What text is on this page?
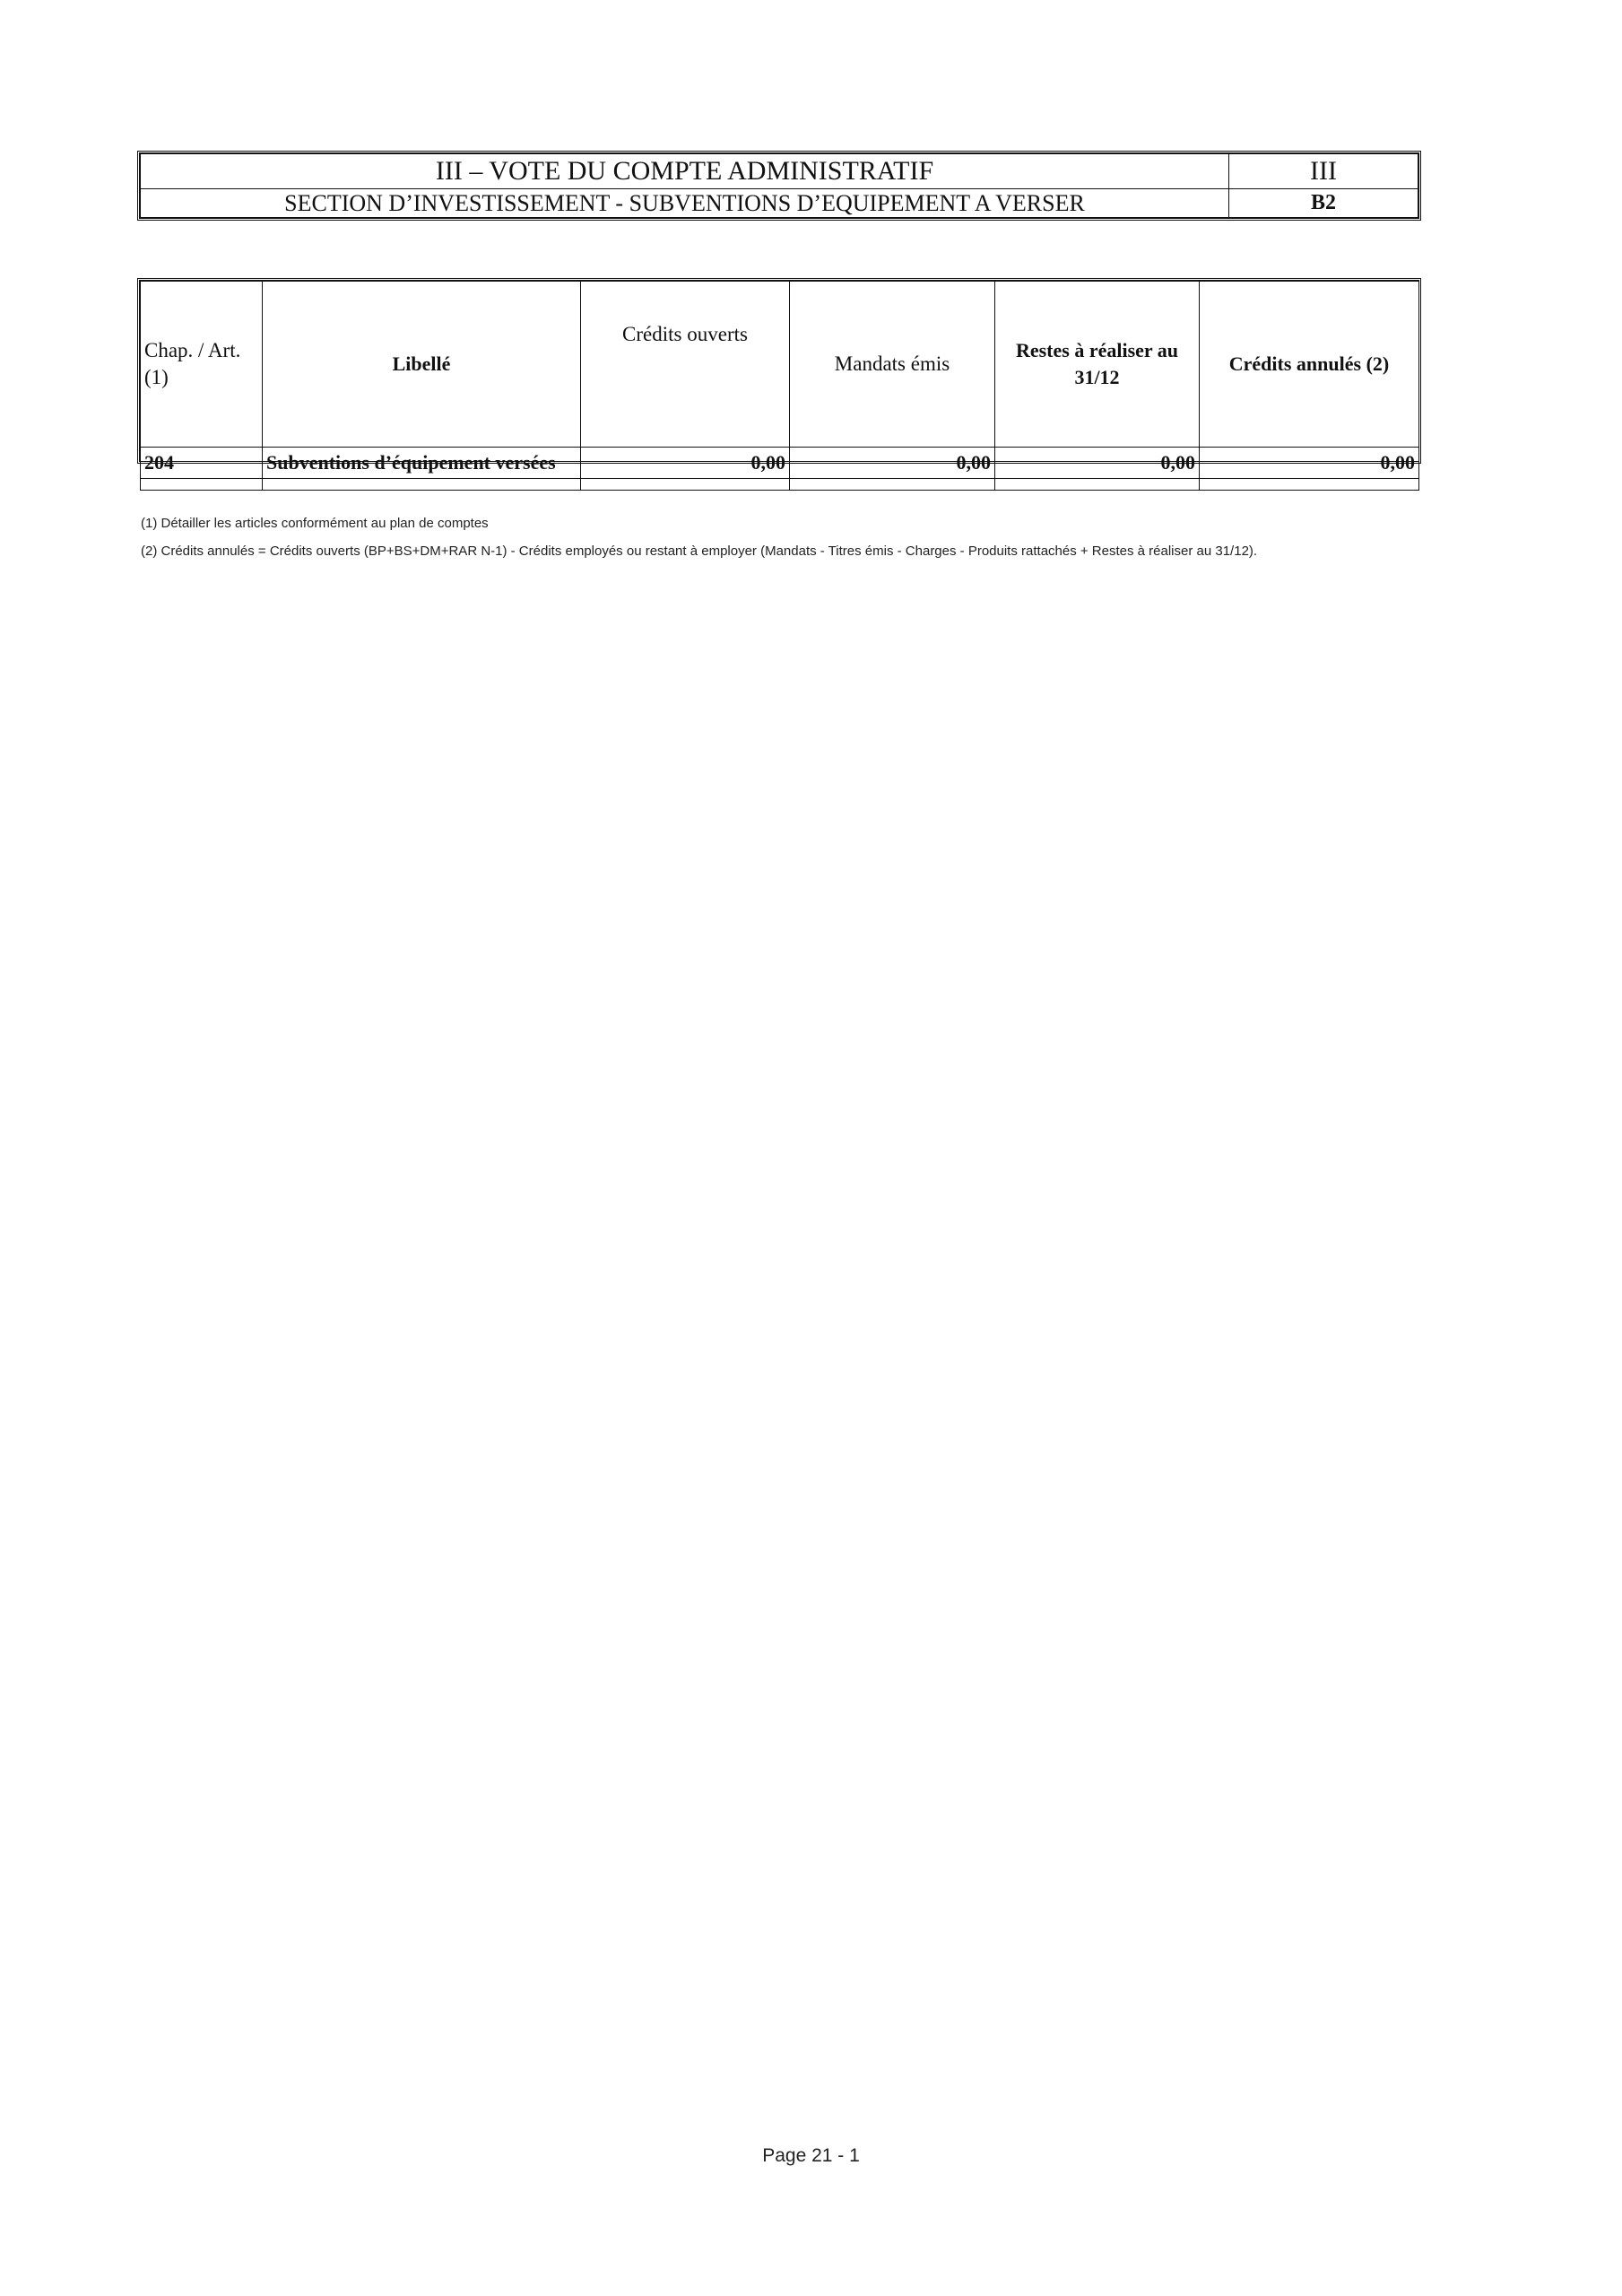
III – VOTE DU COMPTE ADMINISTRATIF	III
SECTION D’INVESTISSEMENT - SUBVENTIONS D’EQUIPEMENT A VERSER	B2
Chap. / Art. (1)	Libellé	Crédits ouverts	Mandats émis	Restes à réaliser au 31/12	Crédits annulés (2)
204	Subventions d’équipement versées	0,00	0,00	0,00	0,00

(1) Détailler les articles conformément au plan de comptes
(2) Crédits annulés = Crédits ouverts (BP+BS+DM+RAR N-1) - Crédits employés ou restant à employer (Mandats - Titres émis - Charges - Produits rattachés + Restes à réaliser au 31/12).
Page 21 - 1
